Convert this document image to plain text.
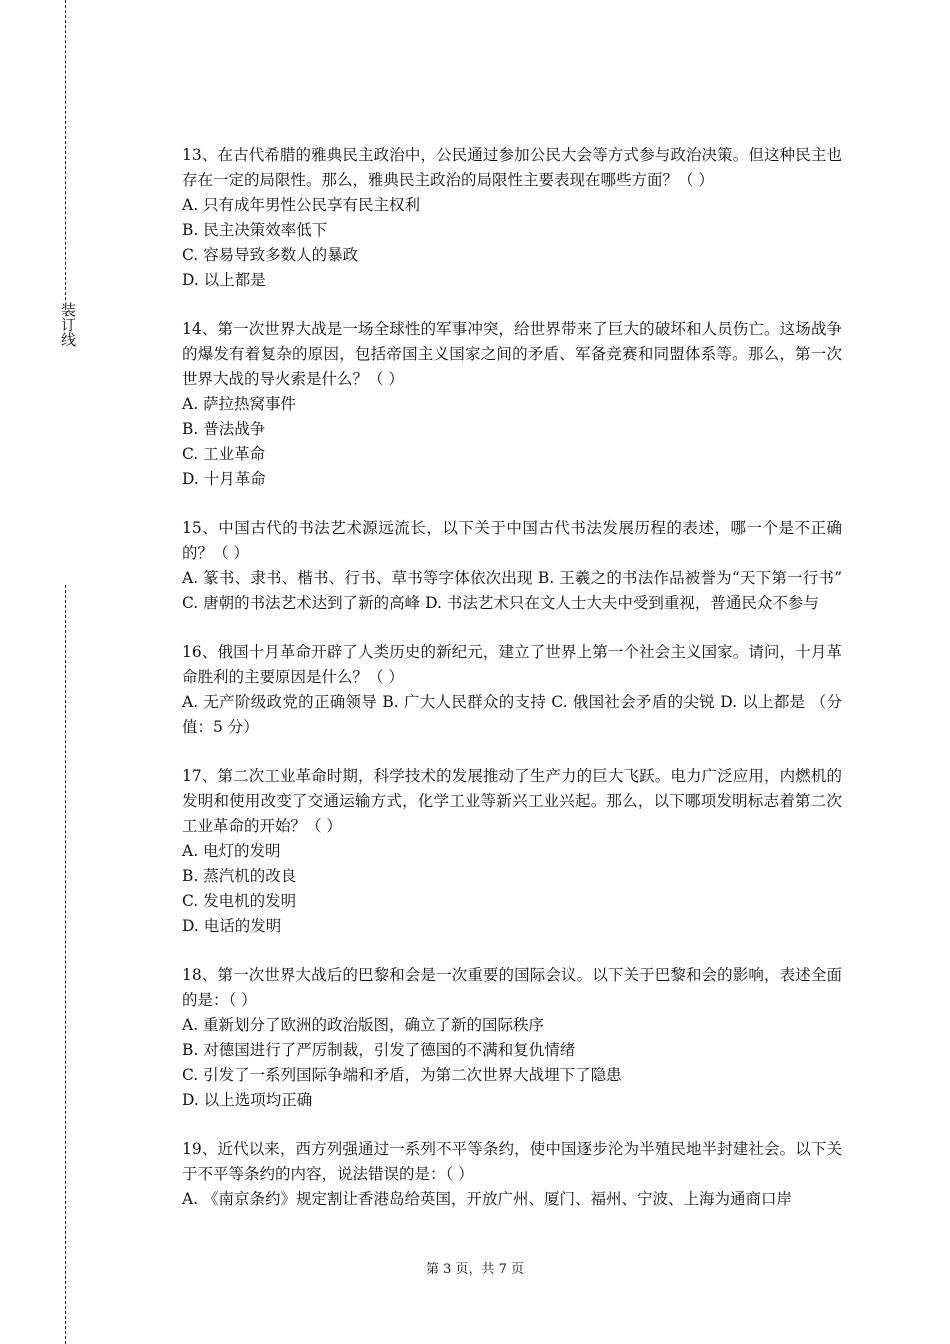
装订线
13、在古代希腊的雅典民主政治中，公民通过参加公民大会等方式参与政治决策。但这种民主也存在一定的局限性。那么，雅典民主政治的局限性主要表现在哪些方面？（ ）
A. 只有成年男性公民享有民主权利
B. 民主决策效率低下
C. 容易导致多数人的暴政
D. 以上都是
14、第一次世界大战是一场全球性的军事冲突，给世界带来了巨大的破坏和人员伤亡。这场战争的爆发有着复杂的原因，包括帝国主义国家之间的矛盾、军备竞赛和同盟体系等。那么，第一次世界大战的导火索是什么？（ ）
A. 萨拉热窝事件
B. 普法战争
C. 工业革命
D. 十月革命
15、中国古代的书法艺术源远流长，以下关于中国古代书法发展历程的表述，哪一个是不正确的？（ ）
A. 篆书、隶书、楷书、行书、草书等字体依次出现 B. 王羲之的书法作品被誉为“天下第一行书” C. 唐朝的书法艺术达到了新的高峰 D. 书法艺术只在文人士大夫中受到重视，普通民众不参与
16、俄国十月革命开辟了人类历史的新纪元，建立了世界上第一个社会主义国家。请问，十月革命胜利的主要原因是什么？（ ）
A. 无产阶级政党的正确领导 B. 广大人民群众的支持 C. 俄国社会矛盾的尖锐 D. 以上都是 （分值：5 分）
17、第二次工业革命时期，科学技术的发展推动了生产力的巨大飞跃。电力广泛应用，内燃机的发明和使用改变了交通运输方式，化学工业等新兴工业兴起。那么，以下哪项发明标志着第二次工业革命的开始？（ ）
A. 电灯的发明
B. 蒸汽机的改良
C. 发电机的发明
D. 电话的发明
18、第一次世界大战后的巴黎和会是一次重要的国际会议。以下关于巴黎和会的影响，表述全面的是：（ ）
A. 重新划分了欧洲的政治版图，确立了新的国际秩序
B. 对德国进行了严厉制裁，引发了德国的不满和复仇情绪
C. 引发了一系列国际争端和矛盾，为第二次世界大战埋下了隐患
D. 以上选项均正确
19、近代以来，西方列强通过一系列不平等条约，使中国逐步沦为半殖民地半封建社会。以下关于不平等条约的内容，说法错误的是：（ ）
A. 《南京条约》规定割让香港岛给英国，开放广州、厦门、福州、宁波、上海为通商口岸
第 3 页，共 7 页
